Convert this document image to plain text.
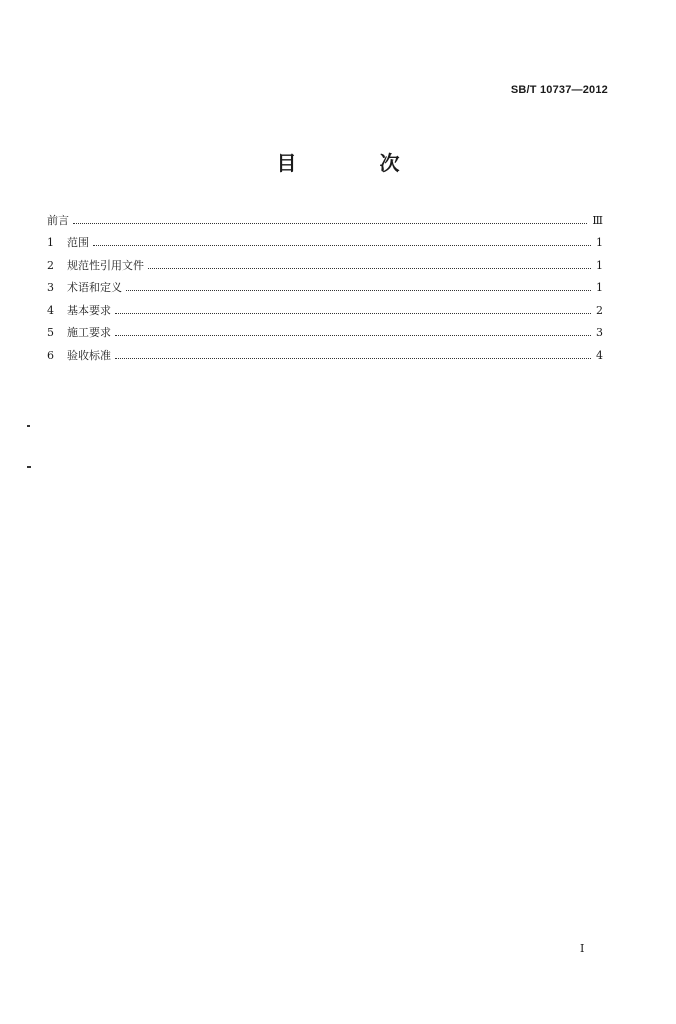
SB/T 10737—2012
目 次
前言	Ⅲ
1	范围	1
2	规范性引用文件	1
3	术语和定义	1
4	基本要求	2
5	施工要求	3
6	验收标准	4
I
